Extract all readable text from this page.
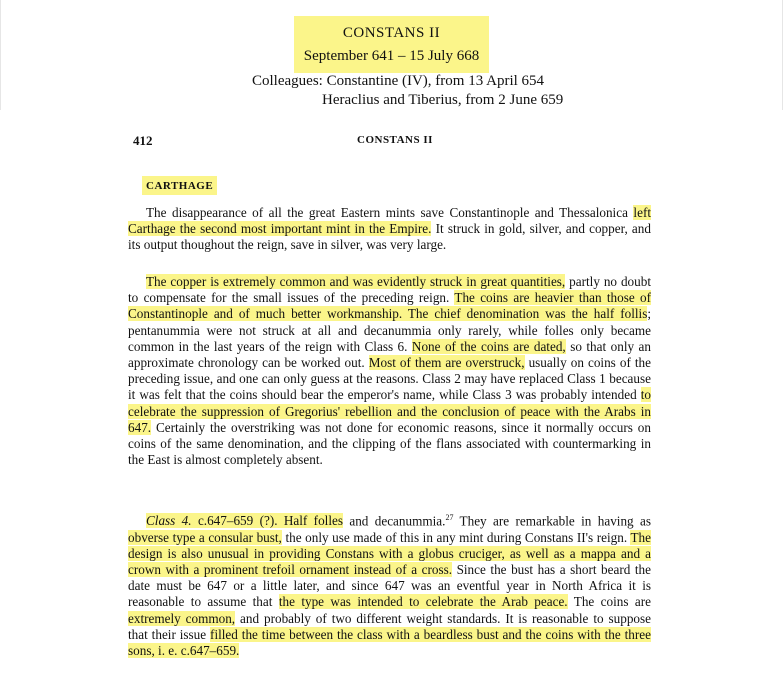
CONSTANS II
September 641 – 15 July 668
Colleagues: Constantine (IV), from 13 April 654
Heraclius and Tiberius, from 2 June 659
412	CONSTANS II
CARTHAGE

The disappearance of all the great Eastern mints save Constantinople and Thessalonica left Carthage the second most important mint in the Empire. It struck in gold, silver, and copper, and its output thoughout the reign, save in silver, was very large.

The copper is extremely common and was evidently struck in great quantities, partly no doubt to compensate for the small issues of the preceding reign. The coins are heavier than those of Constantinople and of much better workmanship. The chief denomination was the half follis; pentanummia were not struck at all and decanummia only rarely, while folles only became common in the last years of the reign with Class 6. None of the coins are dated, so that only an approximate chronology can be worked out. Most of them are overstruck, usually on coins of the preceding issue, and one can only guess at the reasons. Class 2 may have replaced Class 1 because it was felt that the coins should bear the emperor's name, while Class 3 was probably intended to celebrate the suppression of Gregorius' rebellion and the conclusion of peace with the Arabs in 647. Certainly the overstriking was not done for economic reasons, since it normally occurs on coins of the same denomination, and the clipping of the flans associated with countermarking in the East is almost completely absent.

Class 4. c.647–659 (?). Half folles and decanummia.$^{27}$ They are remarkable in having as obverse type a consular bust, the only use made of this in any mint during Constans II's reign. The design is also unusual in providing Constans with a globus cruciger, as well as a mappa and a crown with a prominent trefoil ornament instead of a cross. Since the bust has a short beard the date must be 647 or a little later, and since 647 was an eventful year in North Africa it is reasonable to assume that the type was intended to celebrate the Arab peace. The coins are extremely common, and probably of two different weight standards. It is reasonable to suppose that their issue filled the time between the class with a beardless bust and the coins with the three sons, i. e. c.647–659.
